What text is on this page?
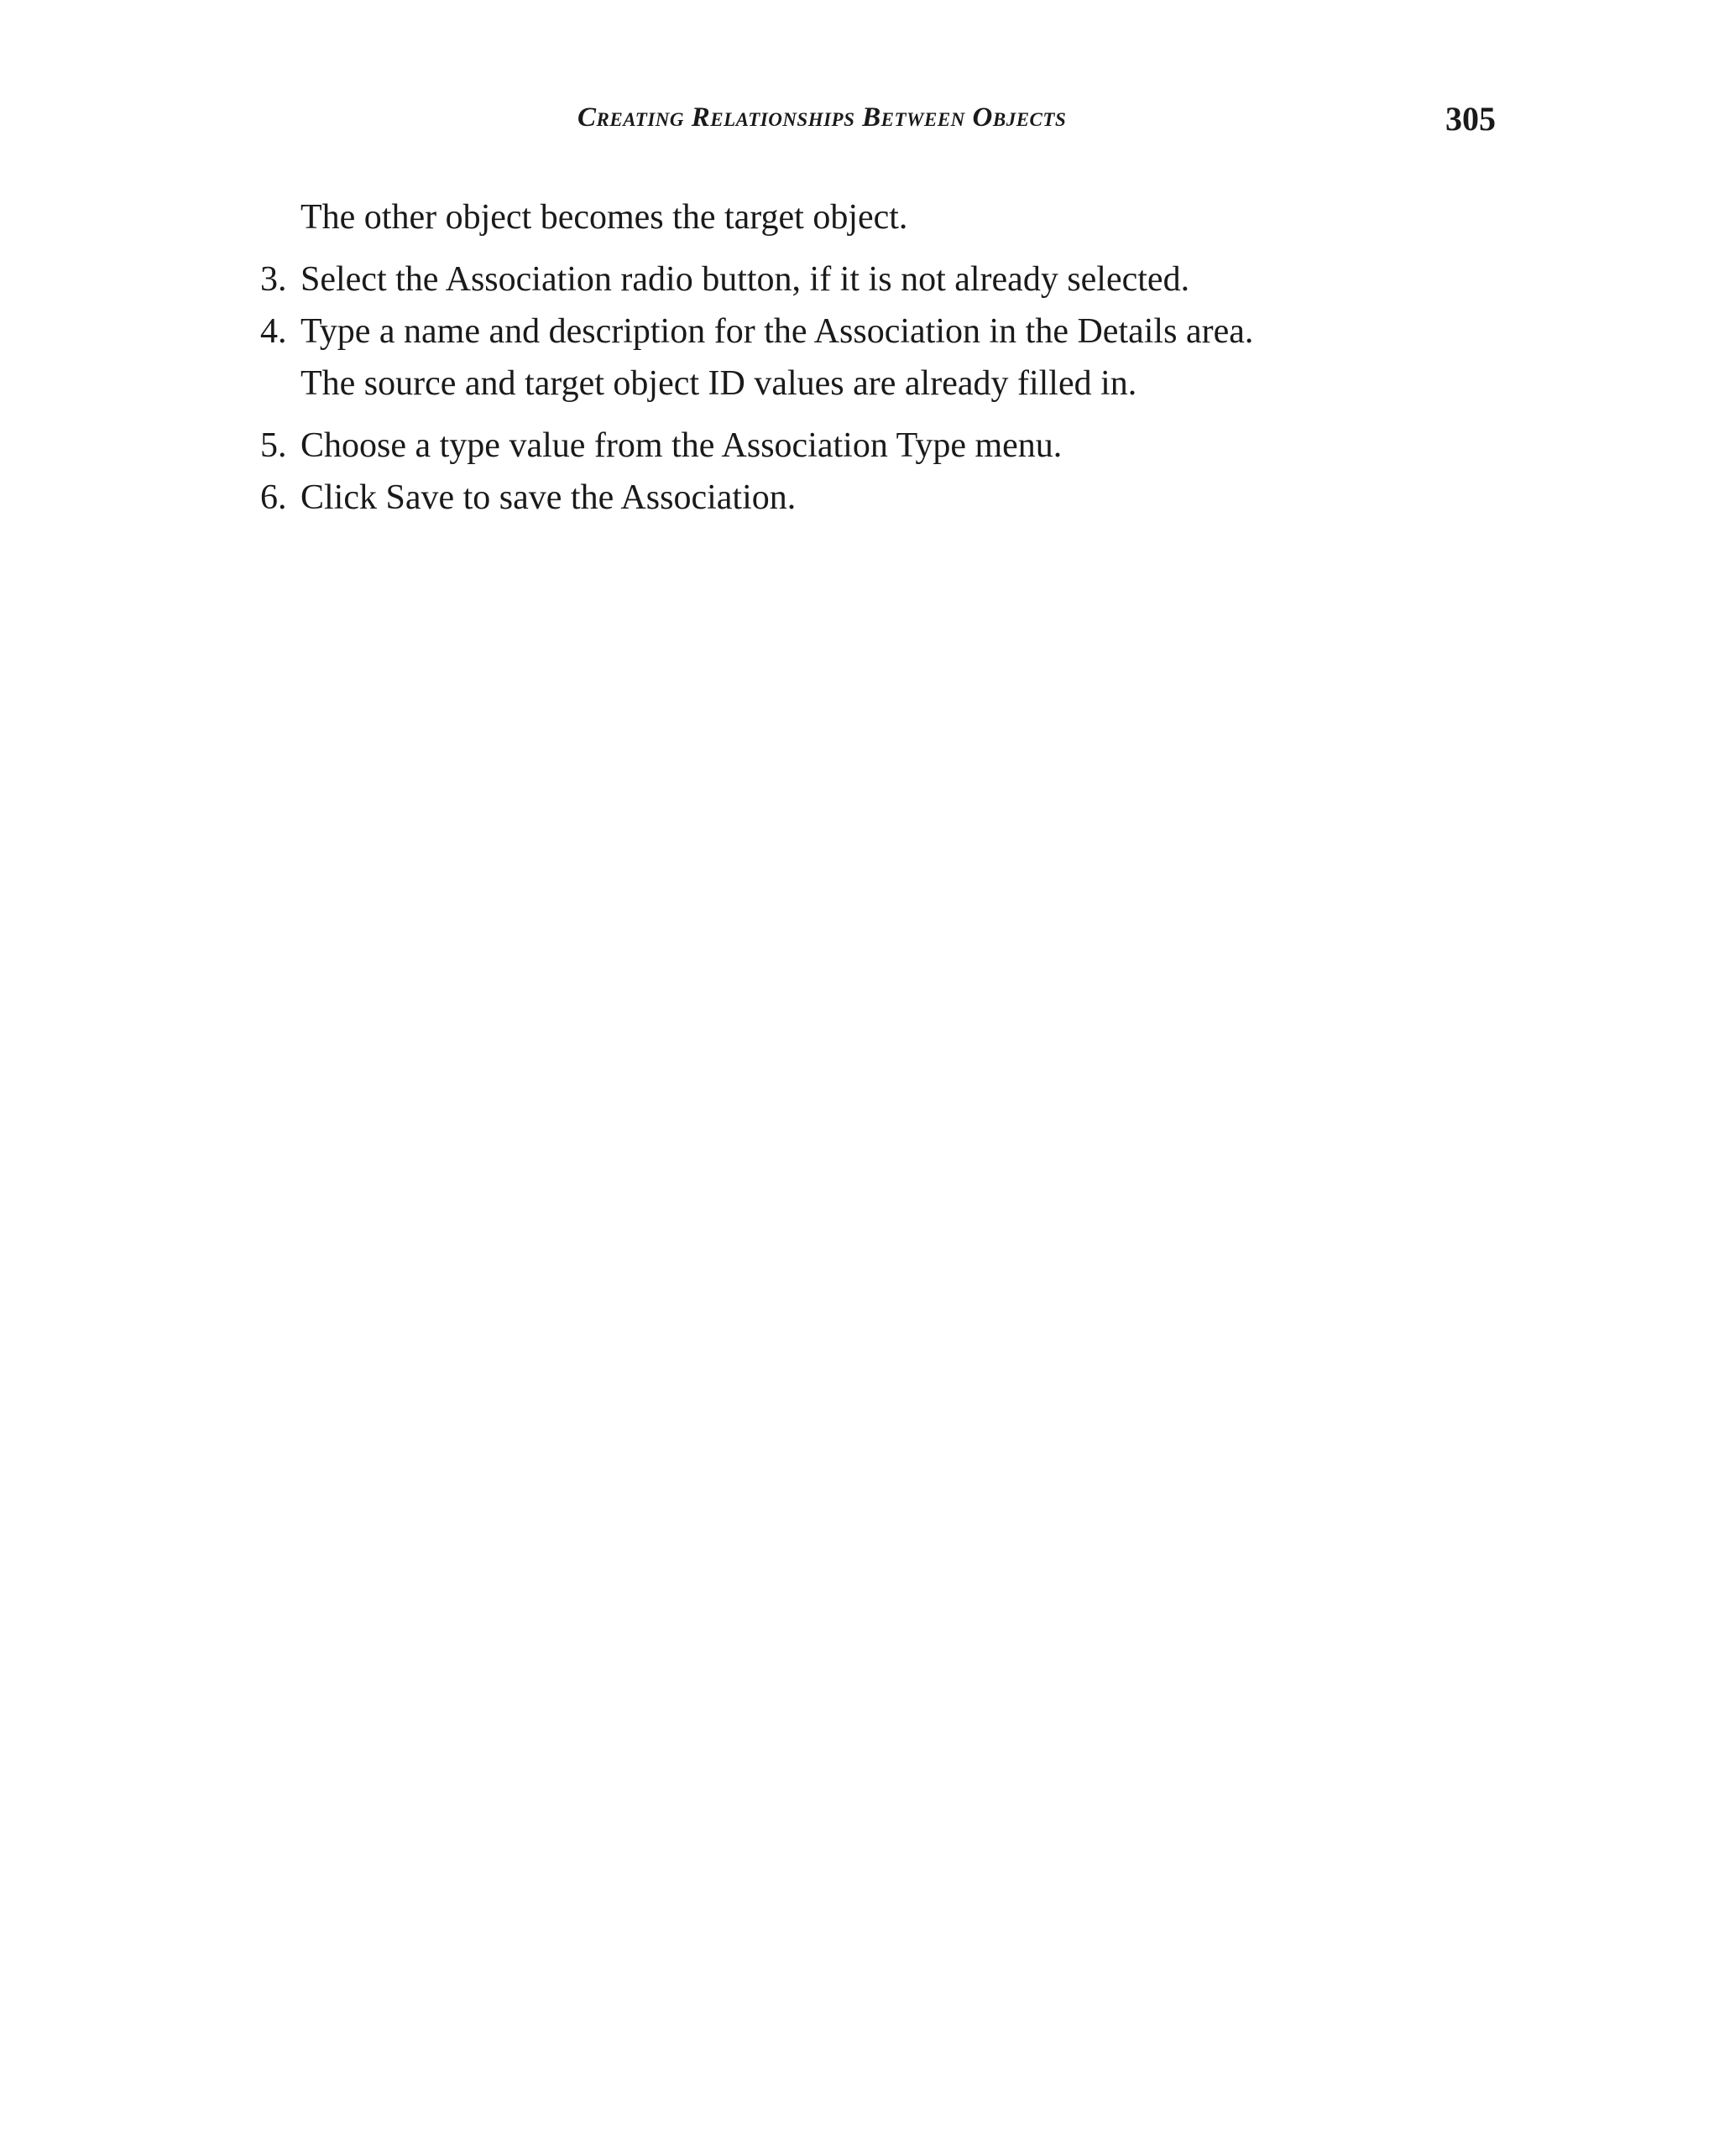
Creating Relationships Between Objects	305
The other object becomes the target object.
3. Select the Association radio button, if it is not already selected.
4. Type a name and description for the Association in the Details area.
The source and target object ID values are already filled in.
5. Choose a type value from the Association Type menu.
6. Click Save to save the Association.
